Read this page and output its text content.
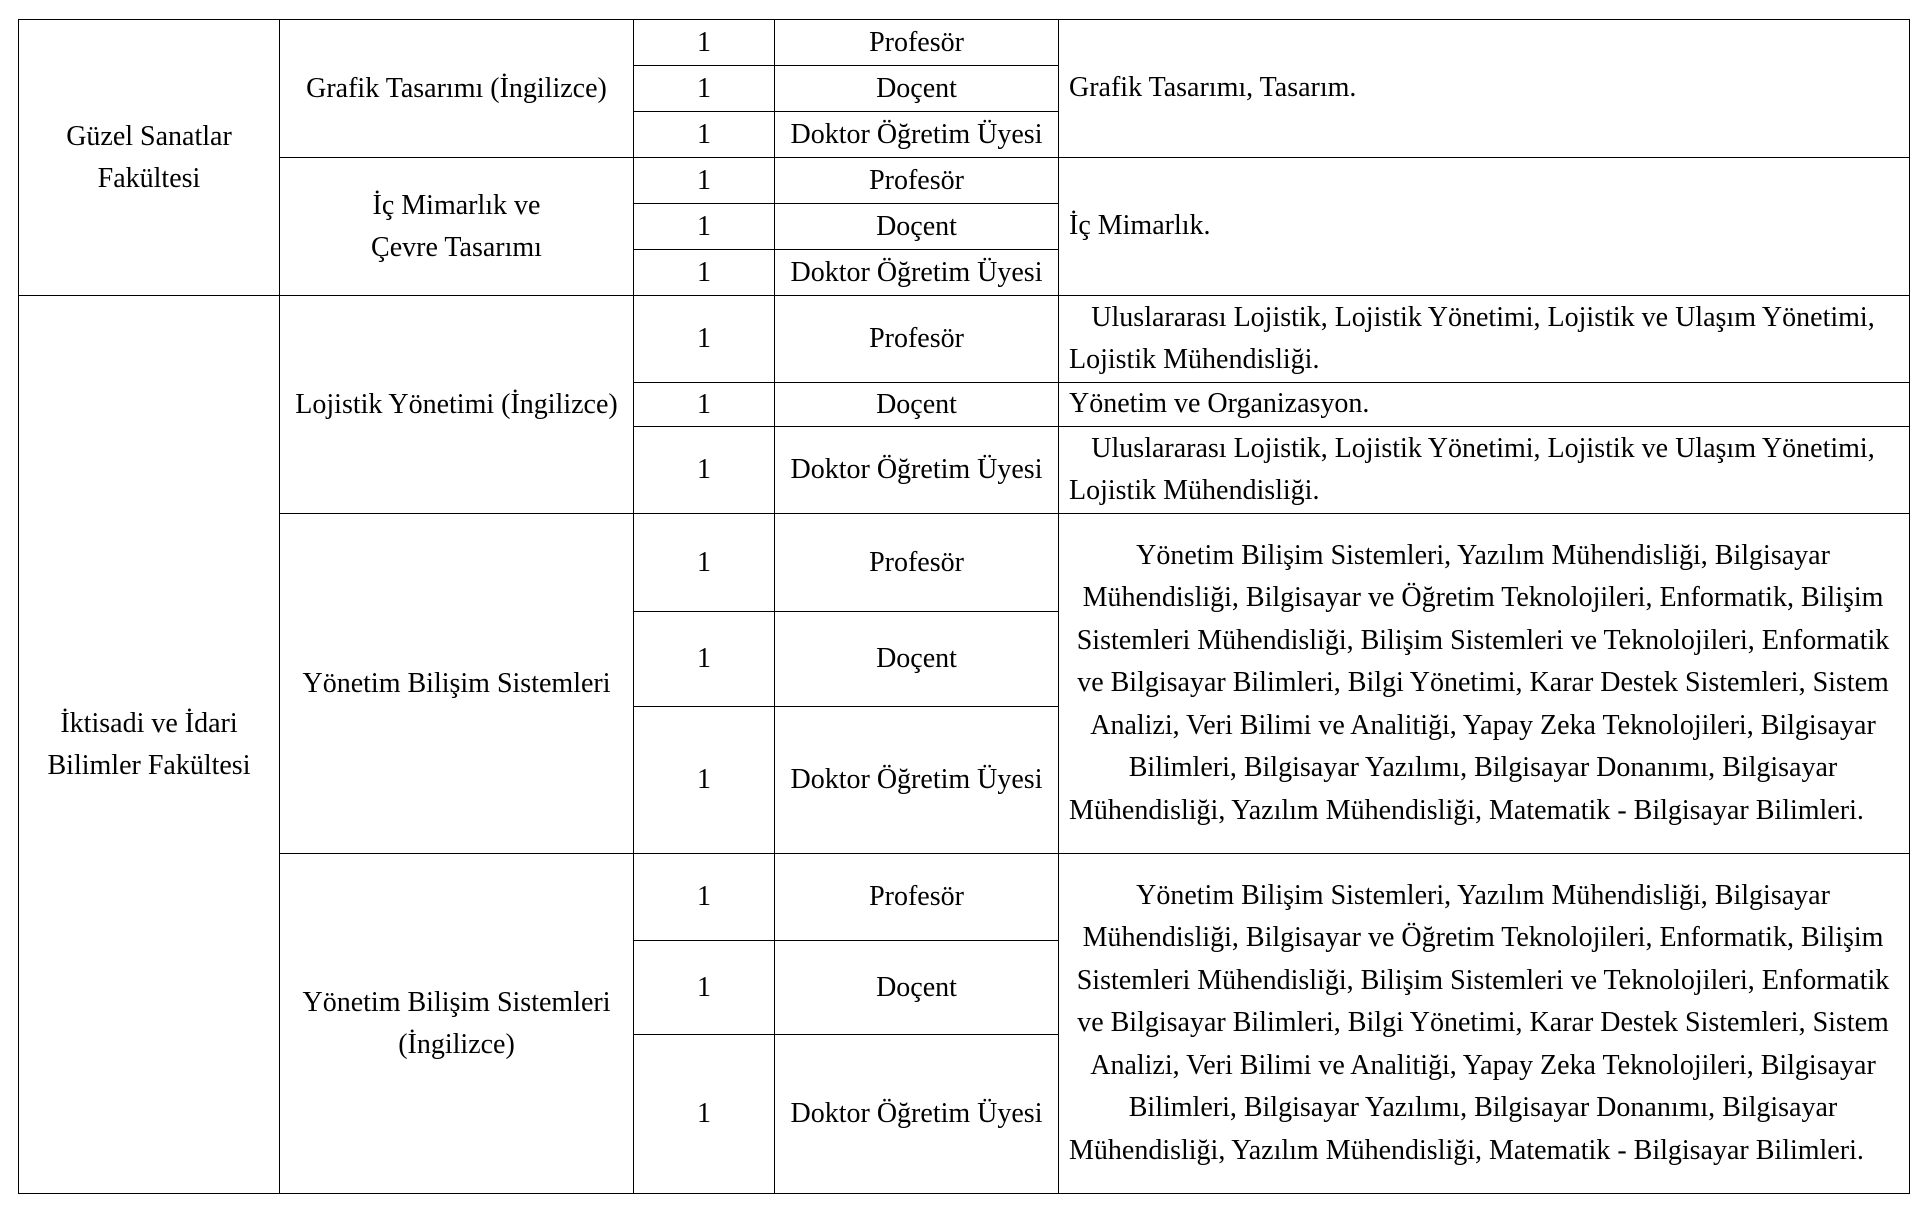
Güzel Sanatlar Fakültesi	Grafik Tasarımı (İngilizce)	1	Profesör	Grafik Tasarımı, Tasarım.
		1	Doçent	
		1	Doktor Öğretim Üyesi	
	İç Mimarlık ve Çevre Tasarımı	1	Profesör	İç Mimarlık.
		1	Doçent	
		1	Doktor Öğretim Üyesi	
İktisadi ve İdari Bilimler Fakültesi	Lojistik Yönetimi (İngilizce)	1	Profesör	Uluslararası Lojistik, Lojistik Yönetimi, Lojistik ve Ulaşım Yönetimi, Lojistik Mühendisliği.
		1	Doçent	Yönetim ve Organizasyon.
		1	Doktor Öğretim Üyesi	Uluslararası Lojistik, Lojistik Yönetimi, Lojistik ve Ulaşım Yönetimi, Lojistik Mühendisliği.
	Yönetim Bilişim Sistemleri	1	Profesör	Yönetim Bilişim Sistemleri, Yazılım Mühendisliği, Bilgisayar Mühendisliği, Bilgisayar ve Öğretim Teknolojileri, Enformatik, Bilişim Sistemleri Mühendisliği, Bilişim Sistemleri ve Teknolojileri, Enformatik ve Bilgisayar Bilimleri, Bilgi Yönetimi, Karar Destek Sistemleri, Sistem Analizi, Veri Bilimi ve Analitiği, Yapay Zeka Teknolojileri, Bilgisayar Bilimleri, Bilgisayar Yazılımı, Bilgisayar Donanımı, Bilgisayar Mühendisliği, Yazılım Mühendisliği, Matematik - Bilgisayar Bilimleri.
		1	Doçent	
		1	Doktor Öğretim Üyesi	
	Yönetim Bilişim Sistemleri (İngilizce)	1	Profesör	Yönetim Bilişim Sistemleri, Yazılım Mühendisliği, Bilgisayar Mühendisliği, Bilgisayar ve Öğretim Teknolojileri, Enformatik, Bilişim Sistemleri Mühendisliği, Bilişim Sistemleri ve Teknolojileri, Enformatik ve Bilgisayar Bilimleri, Bilgi Yönetimi, Karar Destek Sistemleri, Sistem Analizi, Veri Bilimi ve Analitiği, Yapay Zeka Teknolojileri, Bilgisayar Bilimleri, Bilgisayar Yazılımı, Bilgisayar Donanımı, Bilgisayar Mühendisliği, Yazılım Mühendisliği, Matematik - Bilgisayar Bilimleri.
		1	Doçent	
		1	Doktor Öğretim Üyesi	
